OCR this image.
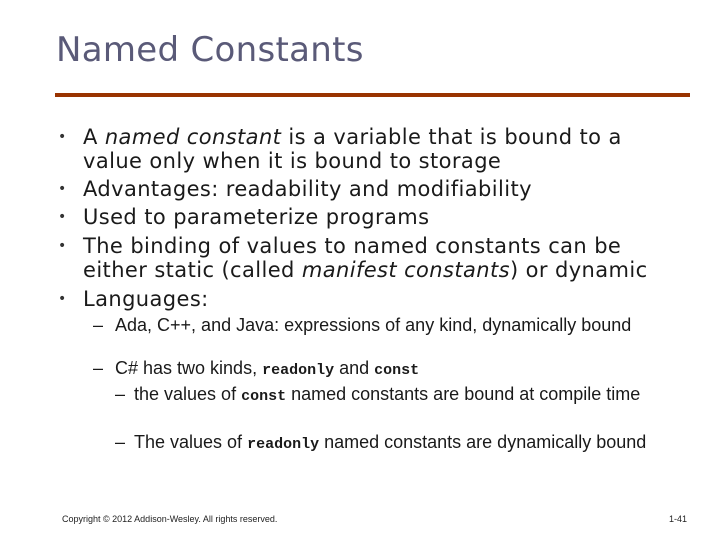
Named Constants
• A named constant is a variable that is bound to a value only when it is bound to storage
• Advantages: readability and modifiability
• Used to parameterize programs
• The binding of values to named constants can be either static (called manifest constants) or dynamic
• Languages:
– Ada, C++, and Java: expressions of any kind, dynamically bound
– C# has two kinds, readonly and const
– the values of const named constants are bound at compile time
– The values of readonly named constants are dynamically bound
Copyright © 2012 Addison-Wesley. All rights reserved.	1-41
